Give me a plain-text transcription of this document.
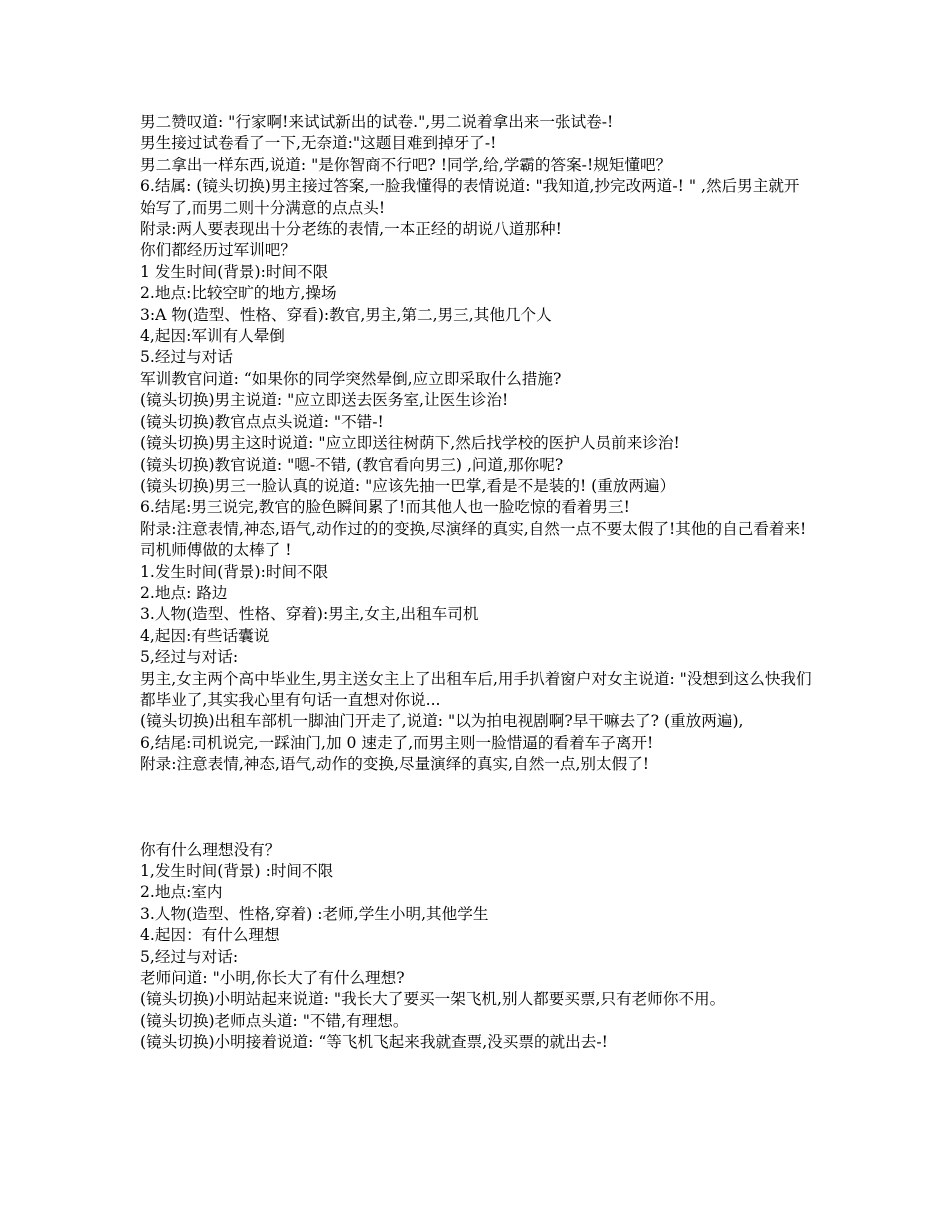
男二赞叹道: "行家啊!来试试新出的试卷.",男二说着拿出来一张试卷-!

男生接过试卷看了一下,无奈道:"这题目难到掉牙了-!

男二拿出一样东西,说道: "是你智商不行吧? !同学,给,学霸的答案-!规矩懂吧？

6.结属: (镜头切换)男主接过答案,一脸我懂得的表情说道: "我知道,抄完改两道-! " ,然后男主就开始写了,而男二则十分满意的点点头!

附录:两人要表现出十分老练的表情,一本正经的胡说八道那种!

你们都经历过军训吧？

1 发生时间(背景):时间不限

2.地点:比较空旷的地方,操场

3:A 物(造型、性格、穿看):教官,男主,第二,男三,其他几个人

4,起因:军训有人晕倒

5.经过与对话

军训教官问道: “如果你的同学突然晕倒,应立即采取什么措施?

(镜头切换)男主说道: "应立即送去医务室,让医生诊治!

(镜头切换)教官点点头说道: "不错-!

(镜头切换)男主这时说道: "应立即送往树荫下,然后找学校的医护人员前来诊治!

(镜头切换)教官说道: "嗯-不错, (教官看向男三) ,问道,那你呢?

(镜头切换)男三一脸认真的说道: "应该先抽一巴掌,看是不是装的! (重放两遍）

6.结尾:男三说完,教官的脸色瞬间累了!而其他人也一脸吃惊的看着男三!

附录:注意表情,神态,语气,动作过的的变换,尽演绎的真实,自然一点不要太假了!其他的自己看着来!

司机师傅做的太棒了 !

1.发生时间(背景):时间不限

2.地点: 路边

3.人物(造型、性格、穿着):男主,女主,出租车司机

4,起因:有些话囊说

5,经过与对话:

男主,女主两个高中毕业生,男主送女主上了出租车后,用手扒着窗户对女主说道: "没想到这么快我们都毕业了,其实我心里有句话一直想对你说...

(镜头切换)出租车部机一脚油门开走了,说道: "以为拍电视剧啊?早干嘛去了? (重放两遍),

6,结尾:司机说完,一踩油门,加 0 速走了,而男主则一脸惜逼的看着车子离开!

附录:注意表情,神态,语气,动作的变换,尽量演绎的真实,自然一点,别太假了!

你有什么理想没有？

1,发生时间(背景) :时间不限

2.地点:室内

3.人物(造型、性格,穿着) :老师,学生小明,其他学生

4.起因：有什么理想

5,经过与对话:

老师问道: "小明,你长大了有什么理想?

(镜头切换)小明站起来说道: "我长大了要买一架飞机,别人都要买票,只有老师你不用。

(镜头切换)老师点头道: "不错,有理想。

(镜头切换)小明接着说道: “等飞机飞起来我就查票,没买票的就出去-!
